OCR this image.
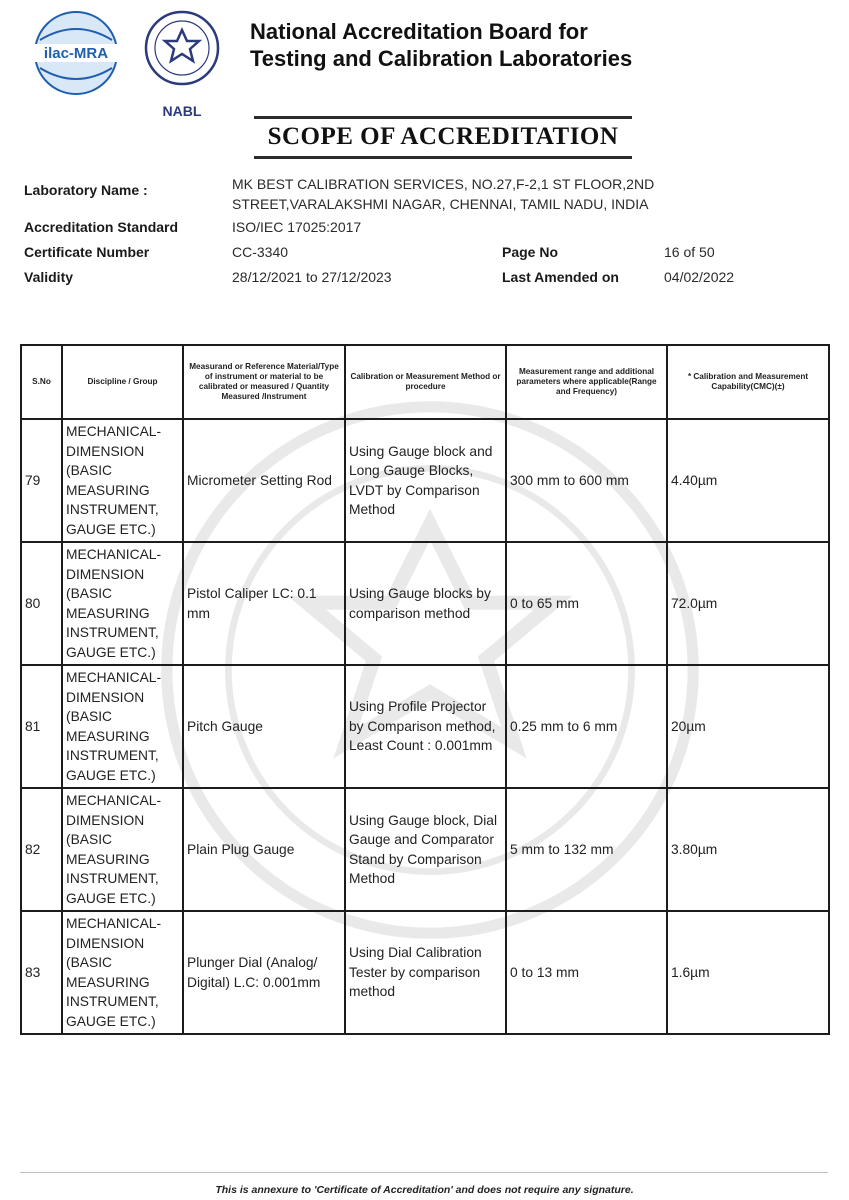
ilac-MRA
NABL
National Accreditation Board for
Testing and Calibration Laboratories
SCOPE OF ACCREDITATION
Laboratory Name :	MK BEST CALIBRATION SERVICES, NO.27,F-2,1 ST FLOOR,2ND
STREET,VARALAKSHMI NAGAR, CHENNAI, TAMIL NADU, INDIA
Accreditation Standard	ISO/IEC 17025:2017
Certificate Number	CC-3340	Page No	16 of 50
Validity	28/12/2021 to 27/12/2023	Last Amended on	04/02/2022
S.No	Discipline / Group	Measurand or Reference Material/Type of instrument or material to be calibrated or measured / Quantity Measured /Instrument	Calibration or Measurement Method or procedure	Measurement range and additional parameters where applicable(Range and Frequency)	* Calibration and Measurement Capability(CMC)(±)
79	MECHANICAL- DIMENSION (BASIC MEASURING INSTRUMENT, GAUGE ETC.)	Micrometer Setting Rod	Using Gauge block and Long Gauge Blocks, LVDT by Comparison Method	300 mm to 600 mm	4.40µm
80	MECHANICAL- DIMENSION (BASIC MEASURING INSTRUMENT, GAUGE ETC.)	Pistol Caliper LC: 0.1 mm	Using Gauge blocks by comparison method	0 to 65 mm	72.0µm
81	MECHANICAL- DIMENSION (BASIC MEASURING INSTRUMENT, GAUGE ETC.)	Pitch Gauge	Using Profile Projector by Comparison method, Least Count : 0.001mm	0.25 mm to 6 mm	20µm
82	MECHANICAL- DIMENSION (BASIC MEASURING INSTRUMENT, GAUGE ETC.)	Plain Plug Gauge	Using Gauge block, Dial Gauge and Comparator Stand by Comparison Method	5 mm to 132 mm	3.80µm
83	MECHANICAL- DIMENSION (BASIC MEASURING INSTRUMENT, GAUGE ETC.)	Plunger Dial (Analog/ Digital) L.C: 0.001mm	Using Dial Calibration Tester by comparison method	0 to 13 mm	1.6µm
This is annexure to 'Certificate of Accreditation' and does not require any signature.
